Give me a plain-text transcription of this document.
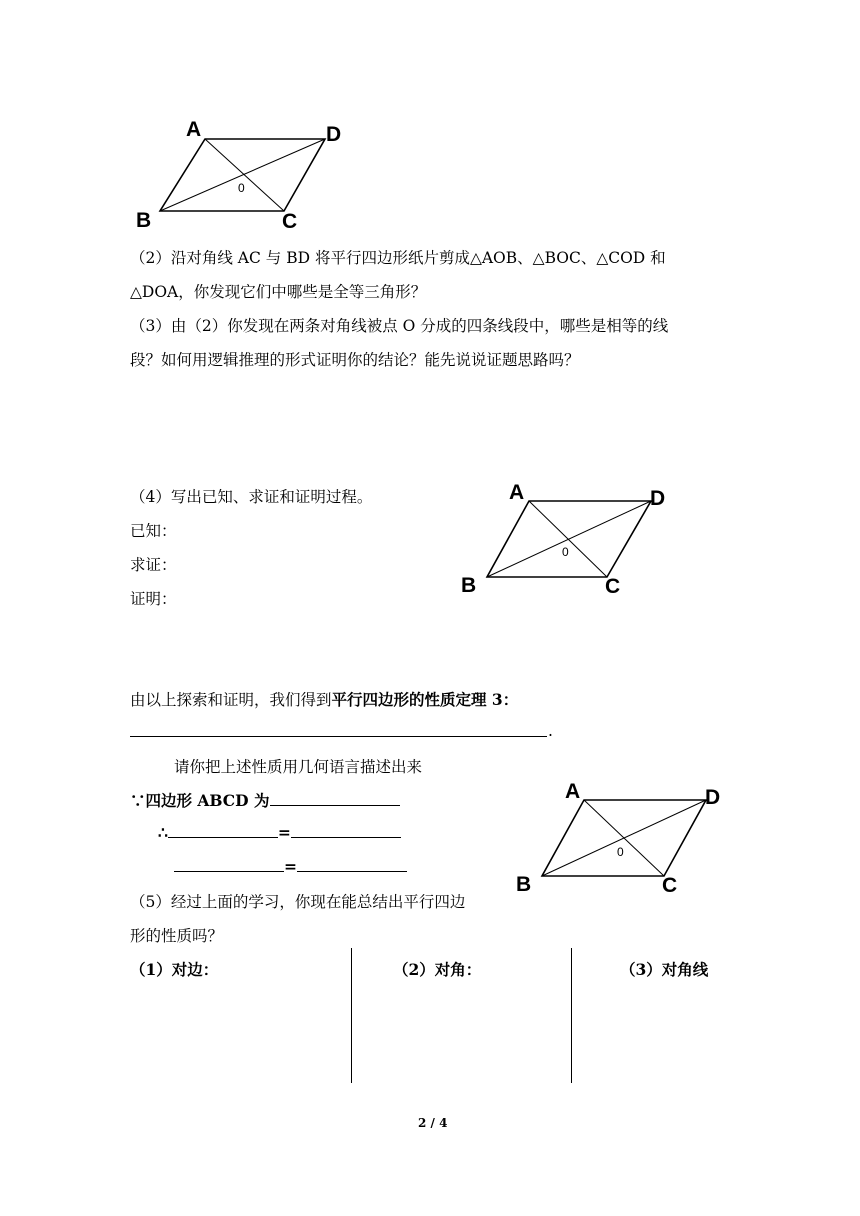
A	D
B	C
0
（2）沿对角线 AC 与 BD 将平行四边形纸片剪成△AOB、△BOC、△COD 和
△DOA，你发现它们中哪些是全等三角形？
（3）由（2）你发现在两条对角线被点 O 分成的四条线段中，哪些是相等的线
段？如何用逻辑推理的形式证明你的结论？能先说说证题思路吗？
（4）写出已知、求证和证明过程。
已知：
求证：
证明：
A	D
B	C
0
由以上探索和证明，我们得到平行四边形的性质定理 3：
.
请你把上述性质用几何语言描述出来
∵四边形 ABCD 为
∴	=
=
A	D
B	C
0
（5）经过上面的学习，你现在能总结出平行四边
形的性质吗？
（1）对边：	（2）对角：	（3）对角线
2 / 4
